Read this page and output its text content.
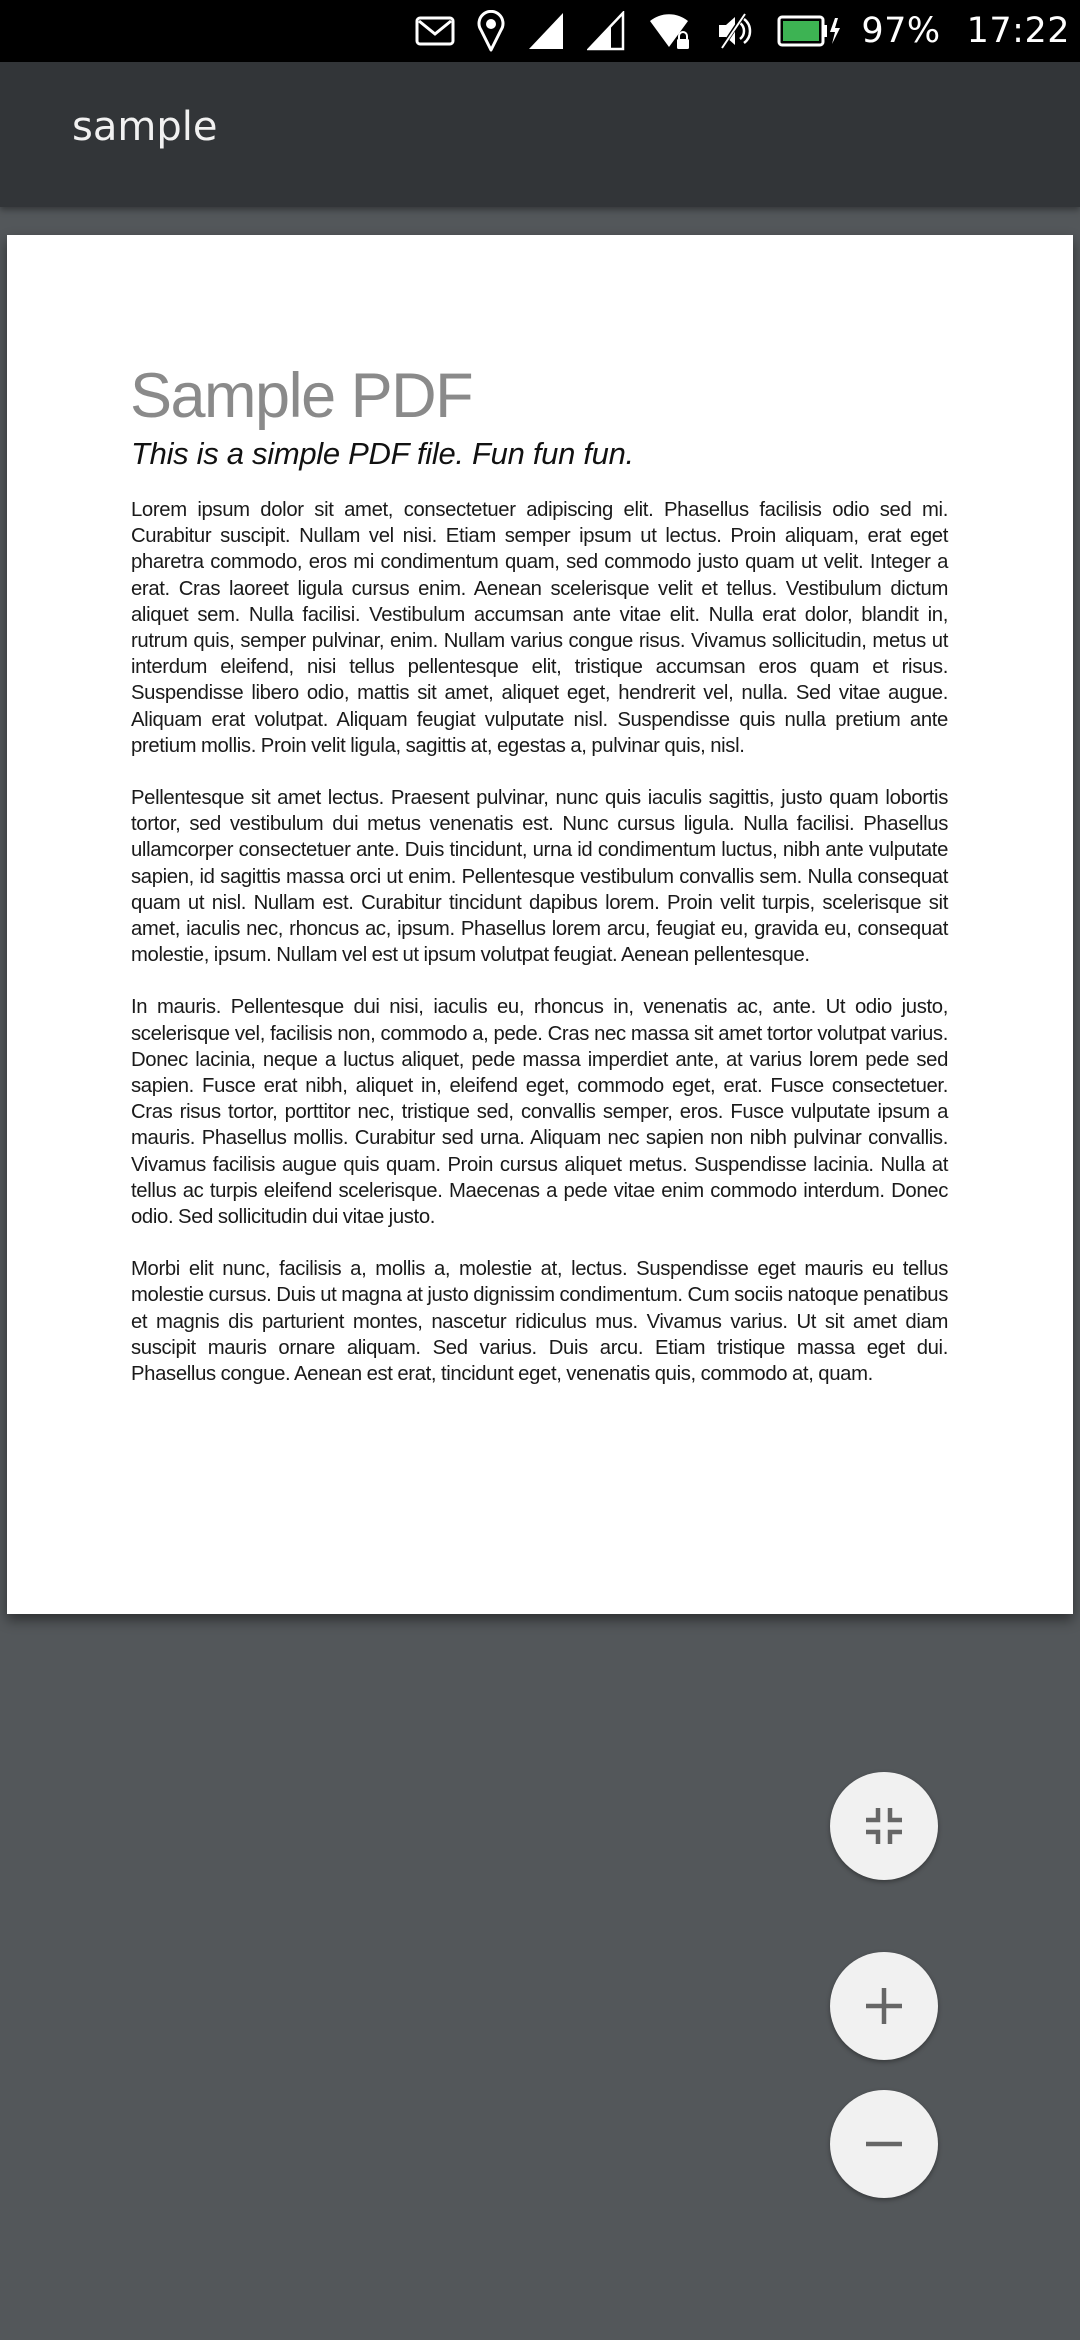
97% 17:22
sample
Sample PDF
This is a simple PDF file. Fun fun fun.

Lorem ipsum dolor sit amet, consectetuer adipiscing elit. Phasellus facilisis odio sed mi. Curabitur suscipit. Nullam vel nisi. Etiam semper ipsum ut lectus. Proin aliquam, erat eget pharetra commodo, eros mi condimentum quam, sed commodo justo quam ut velit. Integer a erat. Cras laoreet ligula cursus enim. Aenean scelerisque velit et tellus. Vestibulum dictum aliquet sem. Nulla facilisi. Vestibulum accumsan ante vitae elit. Nulla erat dolor, blandit in, rutrum quis, semper pulvinar, enim. Nullam varius congue risus. Vivamus sollicitudin, metus ut interdum eleifend, nisi tellus pellentesque elit, tristique accumsan eros quam et risus. Suspendisse libero odio, mattis sit amet, aliquet eget, hendrerit vel, nulla. Sed vitae augue. Aliquam erat volutpat. Aliquam feugiat vulputate nisl. Suspendisse quis nulla pretium ante pretium mollis. Proin velit ligula, sagittis at, egestas a, pulvinar quis, nisl.

Pellentesque sit amet lectus. Praesent pulvinar, nunc quis iaculis sagittis, justo quam lobortis tortor, sed vestibulum dui metus venenatis est. Nunc cursus ligula. Nulla facilisi. Phasellus ullamcorper consectetuer ante. Duis tincidunt, urna id condimentum luctus, nibh ante vulputate sapien, id sagittis massa orci ut enim. Pellentesque vestibulum convallis sem. Nulla consequat quam ut nisl. Nullam est. Curabitur tincidunt dapibus lorem. Proin velit turpis, scelerisque sit amet, iaculis nec, rhoncus ac, ipsum. Phasellus lorem arcu, feugiat eu, gravida eu, consequat molestie, ipsum. Nullam vel est ut ipsum volutpat feugiat. Aenean pellentesque.

In mauris. Pellentesque dui nisi, iaculis eu, rhoncus in, venenatis ac, ante. Ut odio justo, scelerisque vel, facilisis non, commodo a, pede. Cras nec massa sit amet tortor volutpat varius. Donec lacinia, neque a luctus aliquet, pede massa imperdiet ante, at varius lorem pede sed sapien. Fusce erat nibh, aliquet in, eleifend eget, commodo eget, erat. Fusce consectetuer. Cras risus tortor, porttitor nec, tristique sed, convallis semper, eros. Fusce vulputate ipsum a mauris. Phasellus mollis. Curabitur sed urna. Aliquam nec sapien non nibh pulvinar convallis. Vivamus facilisis augue quis quam. Proin cursus aliquet metus. Suspendisse lacinia. Nulla at tellus ac turpis eleifend scelerisque. Maecenas a pede vitae enim commodo interdum. Donec odio. Sed sollicitudin dui vitae justo.

Morbi elit nunc, facilisis a, mollis a, molestie at, lectus. Suspendisse eget mauris eu tellus molestie cursus. Duis ut magna at justo dignissim condimentum. Cum sociis natoque penatibus et magnis dis parturient montes, nascetur ridiculus mus. Vivamus varius. Ut sit amet diam suscipit mauris ornare aliquam. Sed varius. Duis arcu. Etiam tristique massa eget dui. Phasellus congue. Aenean est erat, tincidunt eget, venenatis quis, commodo at, quam.
